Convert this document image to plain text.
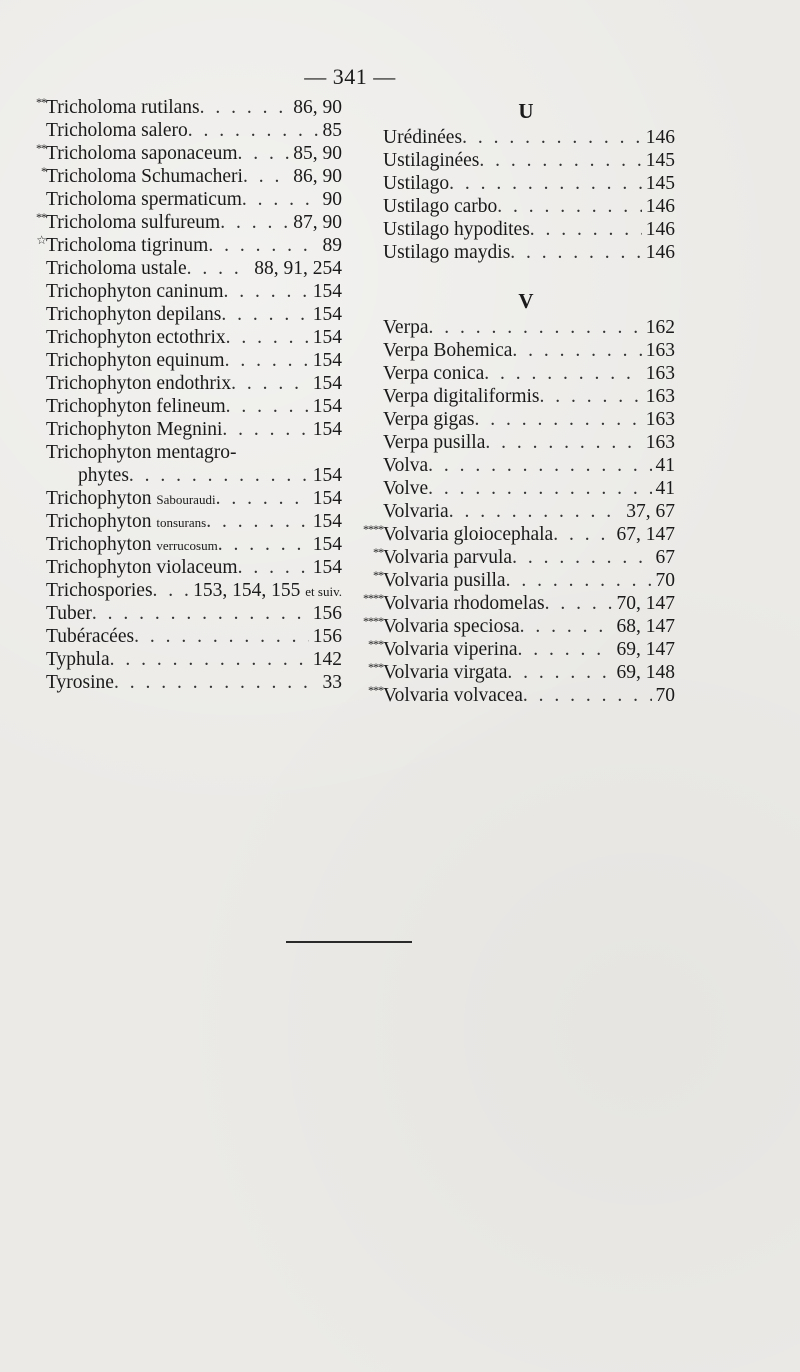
— 341 —
** Tricholoma rutilans . . .	86, 90
Tricholoma salero . . .	85
** Tricholoma saponaceum . . .	85, 90
* Tricholoma Schumacheri . . .	86, 90
Tricholoma spermaticum . . .	90
** Tricholoma sulfureum . . .	87, 90
☆ Tricholoma tigrinum . . .	89
Tricholoma ustale . . .	88, 91, 254
Trichophyton caninum . . .	154
Trichophyton depilans . . .	154
Trichophyton ectothrix . . .	154
Trichophyton equinum . . .	154
Trichophyton endothrix . . .	154
Trichophyton felineum . . .	154
Trichophyton Megnini . . .	154
Trichophyton mentagro-
phytes . . .	154
Trichophyton Sabouraudi . . .	154
Trichophyton tonsurans . . .	154
Trichophyton verrucosum . . .	154
Trichophyton violaceum . . .	154
Trichospories . . . 153, 154, 155 et suiv.
Tuber . . .	156
Tubéracées . . .	156
Typhula . . .	142
Tyrosine . . .	33
U
Urédinées . . .	146
Ustilaginées . . .	145
Ustilago . . .	145
Ustilago carbo . . .	146
Ustilago hypodites . . .	146
Ustilago maydis . . .	146
V
Verpa . . .	162
Verpa Bohemica . . .	163
Verpa conica . . .	163
Verpa digitaliformis . . .	163
Verpa gigas . . .	163
Verpa pusilla . . .	163
Volva . . .	41
Volve . . .	41
Volvaria . . .	37, 67
**** Volvaria gloiocephala . . .	67, 147
** Volvaria parvula . . .	67
** Volvaria pusilla . . .	70
**** Volvaria rhodomelas . . .	70, 147
**** Volvaria speciosa . . .	68, 147
*** Volvaria viperina . . .	69, 147
*** Volvaria virgata . . .	69, 148
*** Volvaria volvacea . . .	70
